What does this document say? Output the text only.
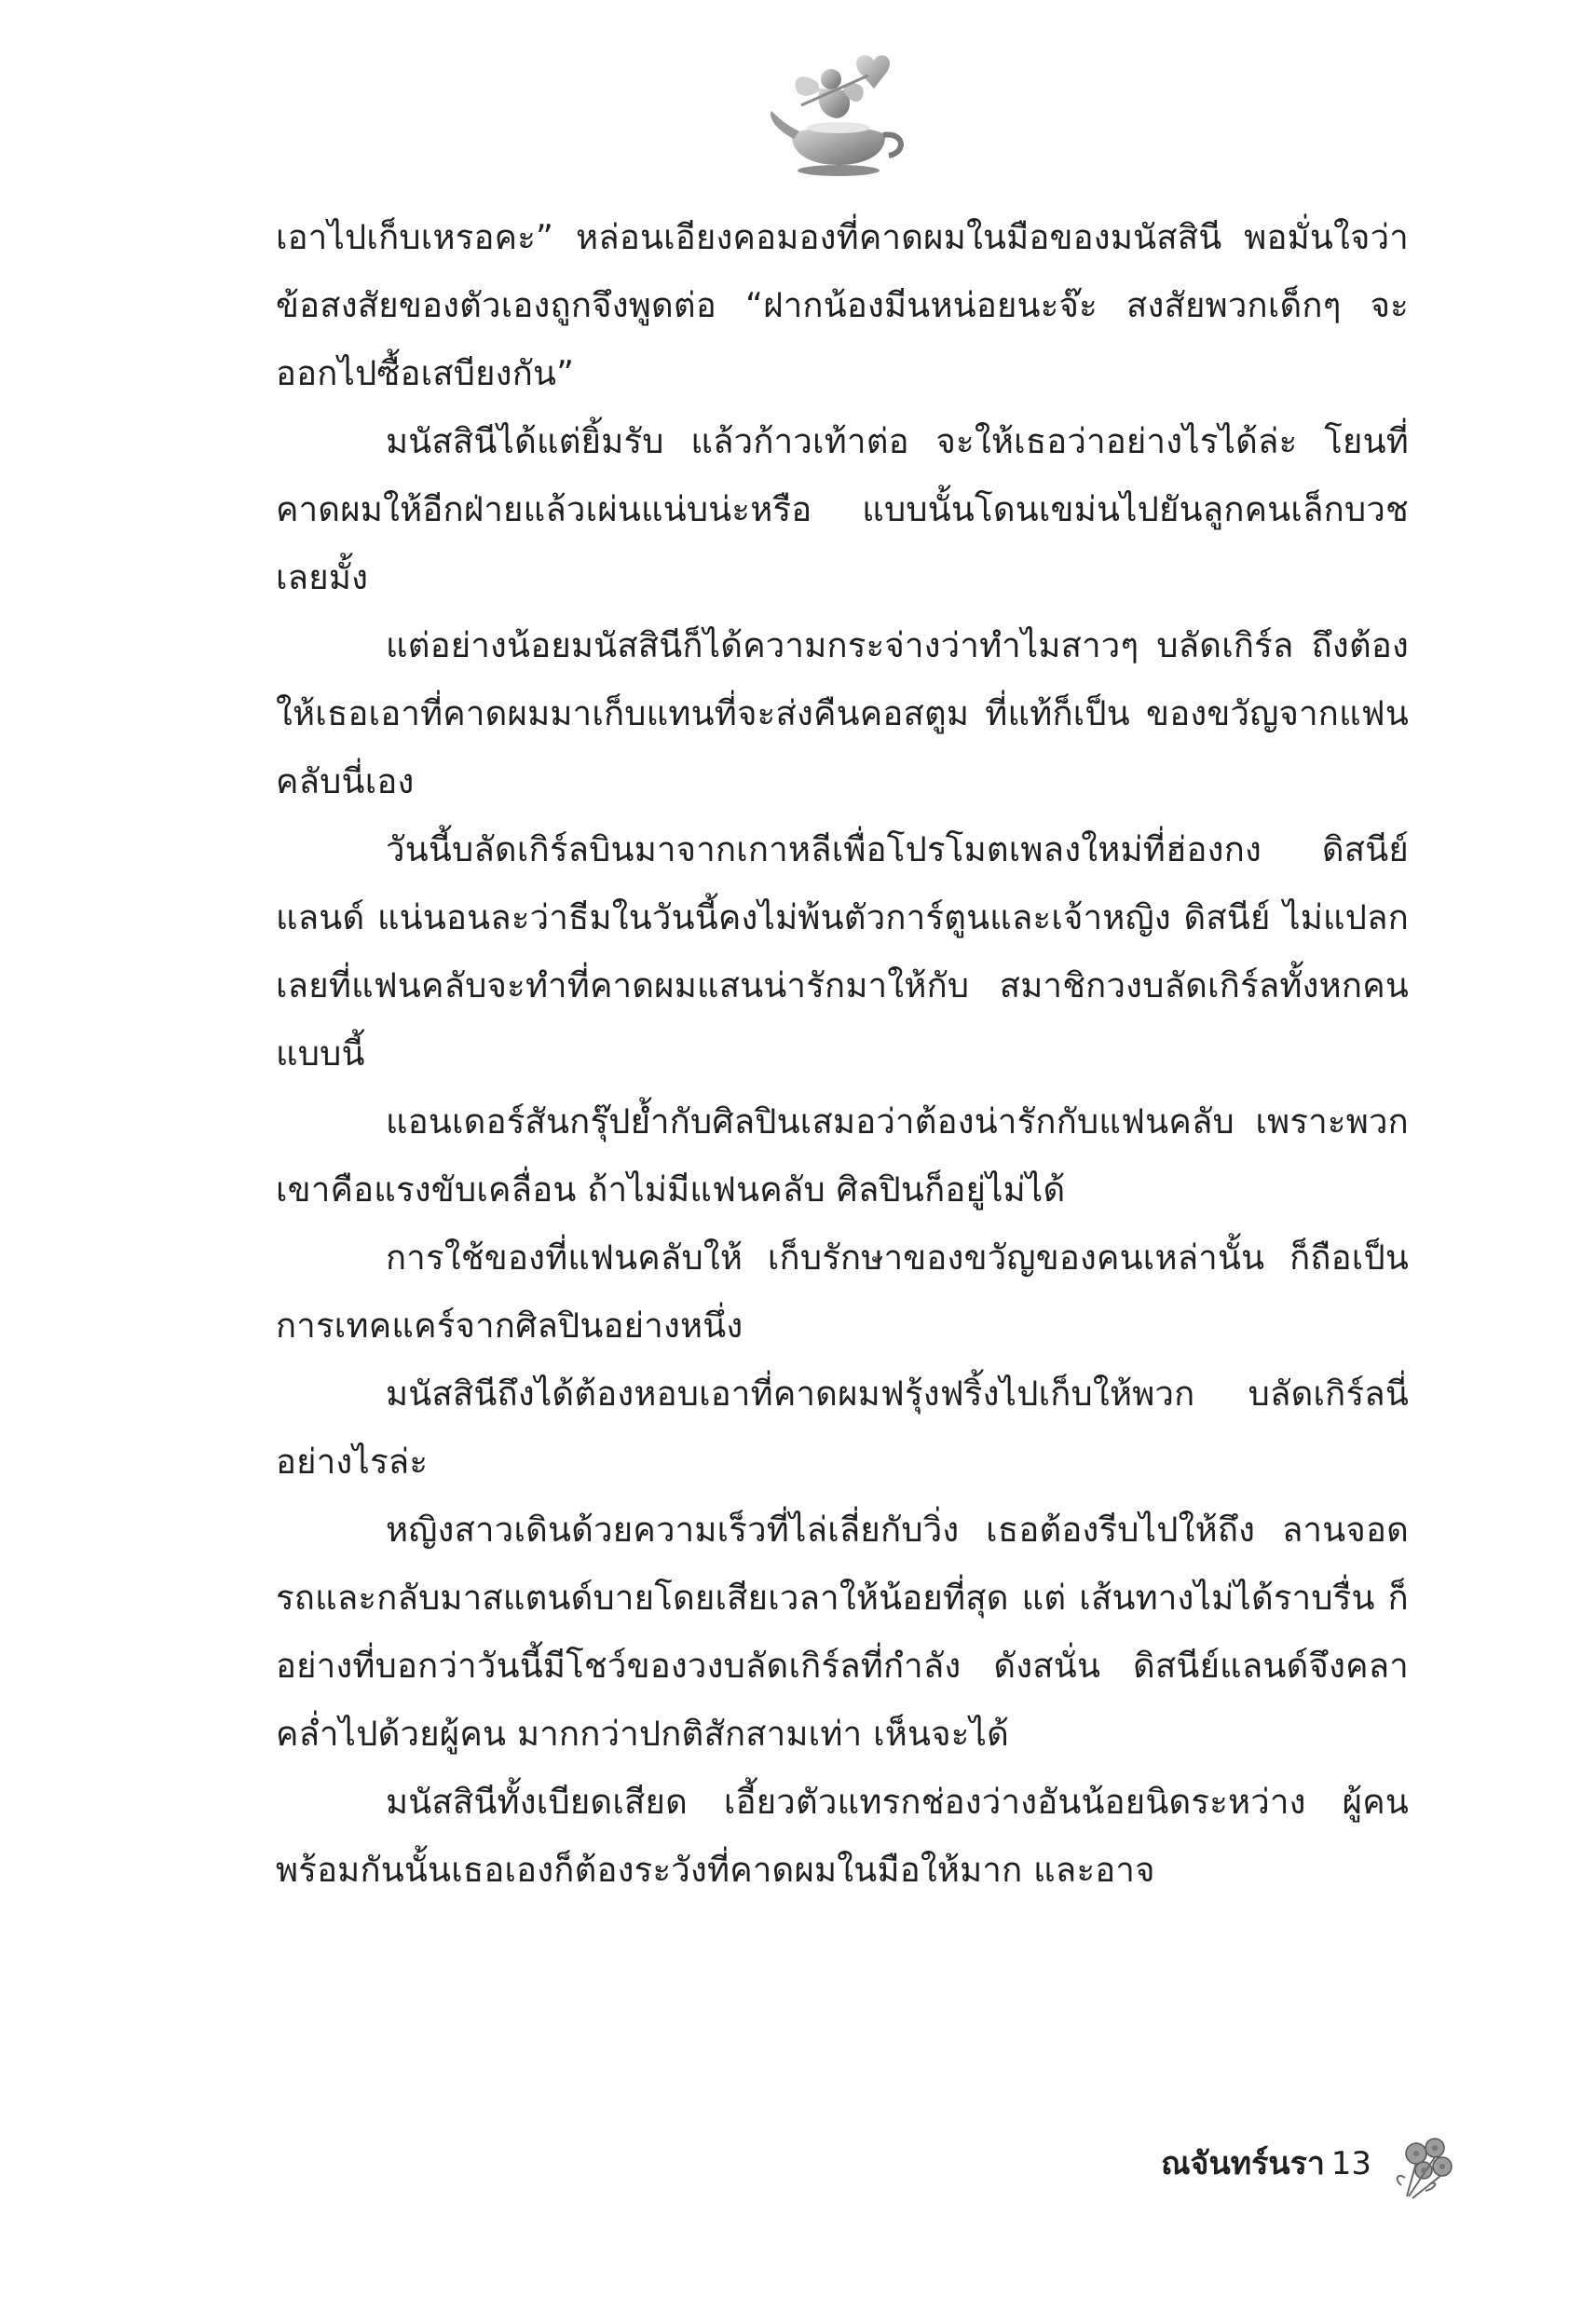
เอาไปเก็บเหรอคะ” หล่อนเอียงคอมองที่คาดผมในมือของมนัสสินี พอมั่นใจว่าข้อสงสัยของตัวเองถูกจึงพูดต่อ “ฝากน้องมีนหน่อยนะจ๊ะ สงสัยพวกเด็กๆ จะออกไปซื้อเสบียงกัน”

มนัสสินีได้แต่ยิ้มรับ แล้วก้าวเท้าต่อ จะให้เธอว่าอย่างไรได้ล่ะ โยนที่คาดผมให้อีกฝ่ายแล้วเผ่นแน่บน่ะหรือ แบบนั้นโดนเขม่นไปยันลูกคนเล็กบวชเลยมั้ง

แต่อย่างน้อยมนัสสินีก็ได้ความกระจ่างว่าทำไมสาวๆ บลัดเกิร์ล ถึงต้องให้เธอเอาที่คาดผมมาเก็บแทนที่จะส่งคืนคอสตูม ที่แท้ก็เป็น ของขวัญจากแฟนคลับนี่เอง

วันนี้บลัดเกิร์ลบินมาจากเกาหลีเพื่อโปรโมตเพลงใหม่ที่ฮ่องกง ดิสนีย์แลนด์ แน่นอนละว่าธีมในวันนี้คงไม่พ้นตัวการ์ตูนและเจ้าหญิง ดิสนีย์ ไม่แปลกเลยที่แฟนคลับจะทำที่คาดผมแสนน่ารักมาให้กับ สมาชิกวงบลัดเกิร์ลทั้งหกคนแบบนี้

แอนเดอร์สันกรุ๊ปย้ำกับศิลปินเสมอว่าต้องน่ารักกับแฟนคลับ เพราะพวกเขาคือแรงขับเคลื่อน ถ้าไม่มีแฟนคลับ ศิลปินก็อยู่ไม่ได้

การใช้ของที่แฟนคลับให้ เก็บรักษาของขวัญของคนเหล่านั้น ก็ถือเป็นการเทคแคร์จากศิลปินอย่างหนึ่ง

มนัสสินีถึงได้ต้องหอบเอาที่คาดผมฟรุ้งฟริ้งไปเก็บให้พวก บลัดเกิร์ลนี่อย่างไรล่ะ

หญิงสาวเดินด้วยความเร็วที่ไล่เลี่ยกับวิ่ง เธอต้องรีบไปให้ถึง ลานจอดรถและกลับมาสแตนด์บายโดยเสียเวลาให้น้อยที่สุด แต่ เส้นทางไม่ได้ราบรื่น ก็อย่างที่บอกว่าวันนี้มีโชว์ของวงบลัดเกิร์ลที่กำลัง ดังสนั่น ดิสนีย์แลนด์จึงคลาคล่ำไปด้วยผู้คน มากกว่าปกติสักสามเท่า เห็นจะได้

มนัสสินีทั้งเบียดเสียด เอี้ยวตัวแทรกช่องว่างอันน้อยนิดระหว่าง ผู้คน พร้อมกันนั้นเธอเองก็ต้องระวังที่คาดผมในมือให้มาก และอาจ

ณจันทร์นรา 13
